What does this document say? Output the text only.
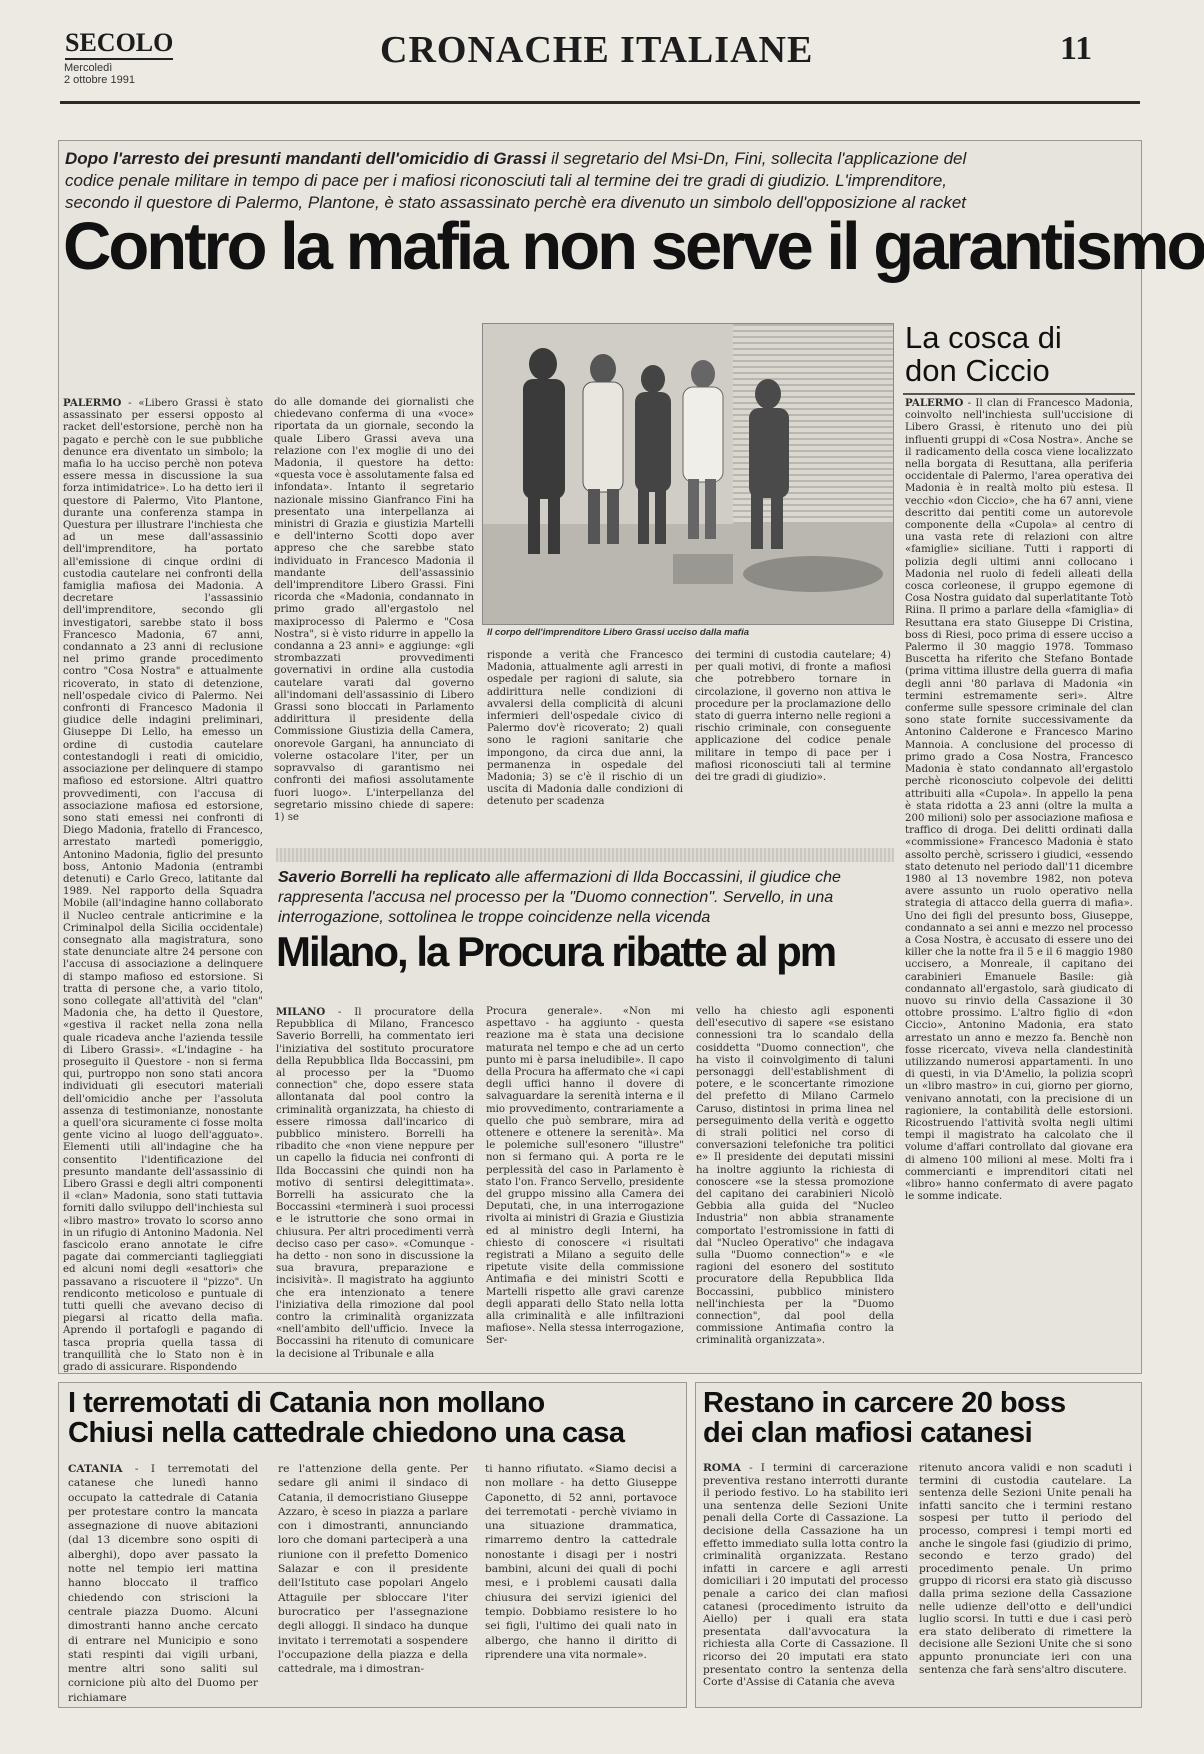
SECOLO
Mercoledì
2 ottobre 1991
CRONACHE ITALIANE	11
Dopo l'arresto dei presunti mandanti dell'omicidio di Grassi il segretario del Msi-Dn, Fini, sollecita l'applicazione del codice penale militare in tempo di pace per i mafiosi riconosciuti tali al termine dei tre gradi di giudizio. L'imprenditore, secondo il questore di Palermo, Plantone, è stato assassinato perchè era divenuto un simbolo dell'opposizione al racket
Contro la mafia non serve il garantismo
Il corpo dell'imprenditore Libero Grassi ucciso dalla mafia
PALERMO - «Libero Grassi è stato assassinato per essersi opposto al racket dell'estorsione, perchè non ha pagato e perchè con le sue pubbliche denunce era diventato un simbolo; la mafia lo ha ucciso perchè non poteva essere messa in discussione la sua forza intimidatrice». Lo ha detto ieri il questore di Palermo, Vito Plantone, durante una conferenza stampa in Questura per illustrare l'inchiesta che ad un mese dall'assassinio dell'imprenditore, ha portato all'emissione di cinque ordini di custodia cautelare nei confronti della famiglia mafiosa dei Madonia. A decretare l'assassinio dell'imprenditore, secondo gli investigatori, sarebbe stato il boss Francesco Madonia, 67 anni, condannato a 23 anni di reclusione nel primo grande procedimento contro "Cosa Nostra" e attualmente ricoverato, in stato di detenzione, nell'ospedale civico di Palermo. Nei confronti di Francesco Madonia il giudice delle indagini preliminari, Giuseppe Di Lello, ha emesso un ordine di custodia cautelare contestandogli i reati di omicidio, associazione per delinquere di stampo mafioso ed estorsione. Altri quattro provvedimenti, con l'accusa di associazione mafiosa ed estorsione, sono stati emessi nei confronti di Diego Madonia, fratello di Francesco, arrestato martedì pomeriggio, Antonino Madonia, figlio del presunto boss, Antonio Madonia (entrambi detenuti) e Carlo Greco, latitante dal 1989. Nel rapporto della Squadra Mobile (all'indagine hanno collaborato il Nucleo centrale anticrimine e la Criminalpol della Sicilia occidentale) consegnato alla magistratura, sono state denunciate altre 24 persone con l'accusa di associazione a delinquere di stampo mafioso ed estorsione. Si tratta di persone che, a vario titolo, sono collegate all'attività del "clan" Madonia che, ha detto il Questore, «gestiva il racket nella zona nella quale ricadeva anche l'azienda tessile di Libero Grassi». «L'indagine - ha proseguito il Questore - non si ferma qui, purtroppo non sono stati ancora individuati gli esecutori materiali dell'omicidio anche per l'assoluta assenza di testimonianze, nonostante a quell'ora sicuramente ci fosse molta gente vicino al luogo dell'agguato». Elementi utili all'indagine che ha consentito l'identificazione del presunto mandante dell'assassinio di Libero Grassi e degli altri componenti il «clan» Madonia, sono stati tuttavia forniti dallo sviluppo dell'inchiesta sul «libro mastro» trovato lo scorso anno in un rifugio di Antonino Madonia. Nel fascicolo erano annotate le cifre pagate dai commercianti taglieggiati ed alcuni nomi degli «esattori» che passavano a riscuotere il "pizzo". Un rendiconto meticoloso e puntuale di tutti quelli che avevano deciso di piegarsi al ricatto della mafia. Aprendo il portafogli e pagando di tasca propria quella tassa di tranquillità che lo Stato non è in grado di assicurare. Rispondendo
do alle domande dei giornalisti che chiedevano conferma di una «voce» riportata da un giornale, secondo la quale Libero Grassi aveva una relazione con l'ex moglie di uno dei Madonia, il questore ha detto: «questa voce è assolutamente falsa ed infondata». Intanto il segretario nazionale missino Gianfranco Fini ha presentato una interpellanza ai ministri di Grazia e giustizia Martelli e dell'interno Scotti dopo aver appreso che che sarebbe stato individuato in Francesco Madonia il mandante dell'assassinio dell'imprenditore Libero Grassi. Fini ricorda che «Madonia, condannato in primo grado all'ergastolo nel maxiprocesso di Palermo e "Cosa Nostra", si è visto ridurre in appello la condanna a 23 anni» e aggiunge: «gli strombazzati provvedimenti governativi in ordine alla custodia cautelare varati dal governo all'indomani dell'assassinio di Libero Grassi sono bloccati in Parlamento addirittura il presidente della Commissione Giustizia della Camera, onorevole Gargani, ha annunciato di volerne ostacolare l'iter, per un sopravvalso di garantismo nei confronti dei mafiosi assolutamente fuori luogo». L'interpellanza del segretario missino chiede di sapere: 1) se
risponde a verità che Francesco Madonia, attualmente agli arresti in ospedale per ragioni di salute, sia addirittura nelle condizioni di avvalersi della complicità di alcuni infermieri dell'ospedale civico di Palermo dov'è ricoverato; 2) quali sono le ragioni sanitarie che impongono, da circa due anni, la permanenza in ospedale del Madonia; 3) se c'è il rischio di un uscita di Madonia dalle condizioni di detenuto per scadenza
dei termini di custodia cautelare; 4) per quali motivi, di fronte a mafiosi che potrebbero tornare in circolazione, il governo non attiva le procedure per la proclamazione dello stato di guerra interno nelle regioni a rischio criminale, con conseguente applicazione del codice penale militare in tempo di pace per i mafiosi riconosciuti tali al termine dei tre gradi di giudizio».
La cosca di don Ciccio
PALERMO - Il clan di Francesco Madonia, coinvolto nell'inchiesta sull'uccisione di Libero Grassi, è ritenuto uno dei più influenti gruppi di «Cosa Nostra». Anche se il radicamento della cosca viene localizzato nella borgata di Resuttana, alla periferia occidentale di Palermo, l'area operativa dei Madonia è in realtà molto più estesa. Il vecchio «don Ciccio», che ha 67 anni, viene descritto dai pentiti come un autorevole componente della «Cupola» al centro di una vasta rete di relazioni con altre «famiglie» siciliane. Tutti i rapporti di polizia degli ultimi anni collocano i Madonia nel ruolo di fedeli alleati della cosca corleonese, il gruppo egemone di Cosa Nostra guidato dal superlatitante Totò Riina. Il primo a parlare della «famiglia» di Resuttana era stato Giuseppe Di Cristina, boss di Riesi, poco prima di essere ucciso a Palermo il 30 maggio 1978. Tommaso Buscetta ha riferito che Stefano Bontade (prima vittima illustre della guerra di mafia degli anni '80 parlava di Madonia «in termini estremamente seri». Altre conferme sulle spessore criminale del clan sono state fornite successivamente da Antonino Calderone e Francesco Marino Mannoia. A conclusione del processo di primo grado a Cosa Nostra, Francesco Madonia è stato condannato all'ergastolo perchè riconosciuto colpevole dei delitti attribuiti alla «Cupola». In appello la pena è stata ridotta a 23 anni (oltre la multa a 200 milioni) solo per associazione mafiosa e traffico di droga. Dei delitti ordinati dalla «commissione» Francesco Madonia è stato assolto perchè, scrissero i giudici, «essendo stato detenuto nel periodo dall'11 dicembre 1980 al 13 novembre 1982, non poteva avere assunto un ruolo operativo nella strategia di attacco della guerra di mafia». Uno dei figli del presunto boss, Giuseppe, condannato a sei anni e mezzo nel processo a Cosa Nostra, è accusato di essere uno dei killer che la notte fra il 5 e il 6 maggio 1980 uccisero, a Monreale, il capitano dei carabinieri Emanuele Basile: già condannato all'ergastolo, sarà giudicato di nuovo su rinvio della Cassazione il 30 ottobre prossimo. L'altro figlio di «don Ciccio», Antonino Madonia, era stato arrestato un anno e mezzo fa. Benchè non fosse ricercato, viveva nella clandestinità utilizzando numerosi appartamenti. In uno di questi, in via D'Amelio, la polizia scoprì un «libro mastro» in cui, giorno per giorno, venivano annotati, con la precisione di un ragioniere, la contabilità delle estorsioni. Ricostruendo l'attività svolta negli ultimi tempi il magistrato ha calcolato che il volume d'affari controllato dal giovane era di almeno 100 milioni al mese. Molti fra i commercianti e imprenditori citati nel «libro» hanno confermato di avere pagato le somme indicate.
Saverio Borrelli ha replicato alle affermazioni di Ilda Boccassini, il giudice che rappresenta l'accusa nel processo per la "Duomo connection". Servello, in una interrogazione, sottolinea le troppe coincidenze nella vicenda
Milano, la Procura ribatte al pm
MILANO - Il procuratore della Repubblica di Milano, Francesco Saverio Borrelli, ha commentato ieri l'iniziativa del sostituto procuratore della Repubblica Ilda Boccassini, pm al processo per la "Duomo connection" che, dopo essere stata allontanata dal pool contro la criminalità organizzata, ha chiesto di essere rimossa dall'incarico di pubblico ministero. Borrelli ha ribadito che «non viene neppure per un capello la fiducia nei confronti di Ilda Boccassini che quindi non ha motivo di sentirsi delegittimata». Borrelli ha assicurato che la Boccassini «terminerà i suoi processi e le istruttorie che sono ormai in chiusura. Per altri procedimenti verrà deciso caso per caso». «Comunque - ha detto - non sono in discussione la sua bravura, preparazione e incisività». Il magistrato ha aggiunto che era intenzionato a tenere l'iniziativa della rimozione dal pool contro la criminalità organizzata «nell'ambito dell'ufficio. Invece la Boccassini ha ritenuto di comunicare la decisione al Tribunale e alla
Procura generale». «Non mi aspettavo - ha aggiunto - questa reazione ma è stata una decisione maturata nel tempo e che ad un certo punto mi è parsa ineludibile». Il capo della Procura ha affermato che «i capi degli uffici hanno il dovere di salvaguardare la serenità interna e il mio provvedimento, contrariamente a quello che può sembrare, mira ad ottenere e ottenere la serenità». Ma le polemiche sull'esonero "illustre" non si fermano qui. A porta re le perplessità del caso in Parlamento è stato l'on. Franco Servello, presidente del gruppo missino alla Camera dei Deputati, che, in una interrogazione rivolta ai ministri di Grazia e Giustizia ed al ministro degli Interni, ha chiesto di conoscere «i risultati registrati a Milano a seguito delle ripetute visite della commissione Antimafia e dei ministri Scotti e Martelli rispetto alle gravi carenze degli apparati dello Stato nella lotta alla criminalità e alle infiltrazioni mafiose». Nella stessa interrogazione, Ser-
vello ha chiesto agli esponenti dell'esecutivo di sapere «se esistano connessioni tra lo scandalo della cosiddetta "Duomo connection", che ha visto il coinvolgimento di taluni personaggi dell'establishment di potere, e le sconcertante rimozione del prefetto di Milano Carmelo Caruso, distintosi in prima linea nel perseguimento della verità e oggetto di strali politici nel corso di conversazioni telefoniche tra politici e» Il presidente dei deputati missini ha inoltre aggiunto la richiesta di conoscere «se la stessa promozione del capitano dei carabinieri Nicolò Gebbia alla guida del "Nucleo Industria" non abbia stranamente comportato l'estromissione in fatti di dal "Nucleo Operativo" che indagava sulla "Duomo connection"» e «le ragioni del esonero del sostituto procuratore della Repubblica Ilda Boccassini, pubblico ministero nell'inchiesta per la "Duomo connection", dal pool della commissione Antimafia contro la criminalità organizzata».
I terremotati di Catania non mollano
Chiusi nella cattedrale chiedono una casa
CATANIA - I terremotati del catanese che lunedì hanno occupato la cattedrale di Catania per protestare contro la mancata assegnazione di nuove abitazioni (dal 13 dicembre sono ospiti di alberghi), dopo aver passato la notte nel tempio ieri mattina hanno bloccato il traffico chiedendo con striscioni la centrale piazza Duomo. Alcuni dimostranti hanno anche cercato di entrare nel Municipio e sono stati respinti dai vigili urbani, mentre altri sono saliti sul cornicione più alto del Duomo per richiamare
re l'attenzione della gente. Per sedare gli animi il sindaco di Catania, il democristiano Giuseppe Azzaro, è sceso in piazza a parlare con i dimostranti, annunciando loro che domani parteciperà a una riunione con il prefetto Domenico Salazar e con il presidente dell'Istituto case popolari Angelo Attaguile per sbloccare l'iter burocratico per l'assegnazione degli alloggi. Il sindaco ha dunque invitato i terremotati a sospendere l'occupazione della piazza e della cattedrale, ma i dimostran-
ti hanno rifiutato. «Siamo decisi a non mollare - ha detto Giuseppe Caponetto, di 52 anni, portavoce dei terremotati - perchè viviamo in una situazione drammatica, rimarremo dentro la cattedrale nonostante i disagi per i nostri bambini, alcuni dei quali di pochi mesi, e i problemi causati dalla chiusura dei servizi igienici del tempio. Dobbiamo resistere lo ho sei figli, l'ultimo dei quali nato in albergo, che hanno il diritto di riprendere una vita normale».
Restano in carcere 20 boss
dei clan mafiosi catanesi
ROMA - I termini di carcerazione preventiva restano interrotti durante il periodo festivo. Lo ha stabilito ieri una sentenza delle Sezioni Unite penali della Corte di Cassazione. La decisione della Cassazione ha un effetto immediato sulla lotta contro la criminalità organizzata. Restano infatti in carcere e agli arresti domiciliari i 20 imputati del processo penale a carico dei clan mafiosi catanesi (procedimento istruito da Aiello) per i quali era stata presentata dall'avvocatura la richiesta alla Corte di Cassazione. Il ricorso dei 20 imputati era stato presentato contro la sentenza della Corte d'Assise di Catania che aveva
ritenuto ancora validi e non scaduti i termini di custodia cautelare. La sentenza delle Sezioni Unite penali ha infatti sancito che i termini restano sospesi per tutto il periodo del processo, compresi i tempi morti ed anche le singole fasi (giudizio di primo, secondo e terzo grado) del procedimento penale. Un primo gruppo di ricorsi era stato già discusso dalla prima sezione della Cassazione nelle udienze dell'otto e dell'undici luglio scorsi. In tutti e due i casi però era stato deliberato di rimettere la decisione alle Sezioni Unite che si sono appunto pronunciate ieri con una sentenza che farà sens'altro discutere.
